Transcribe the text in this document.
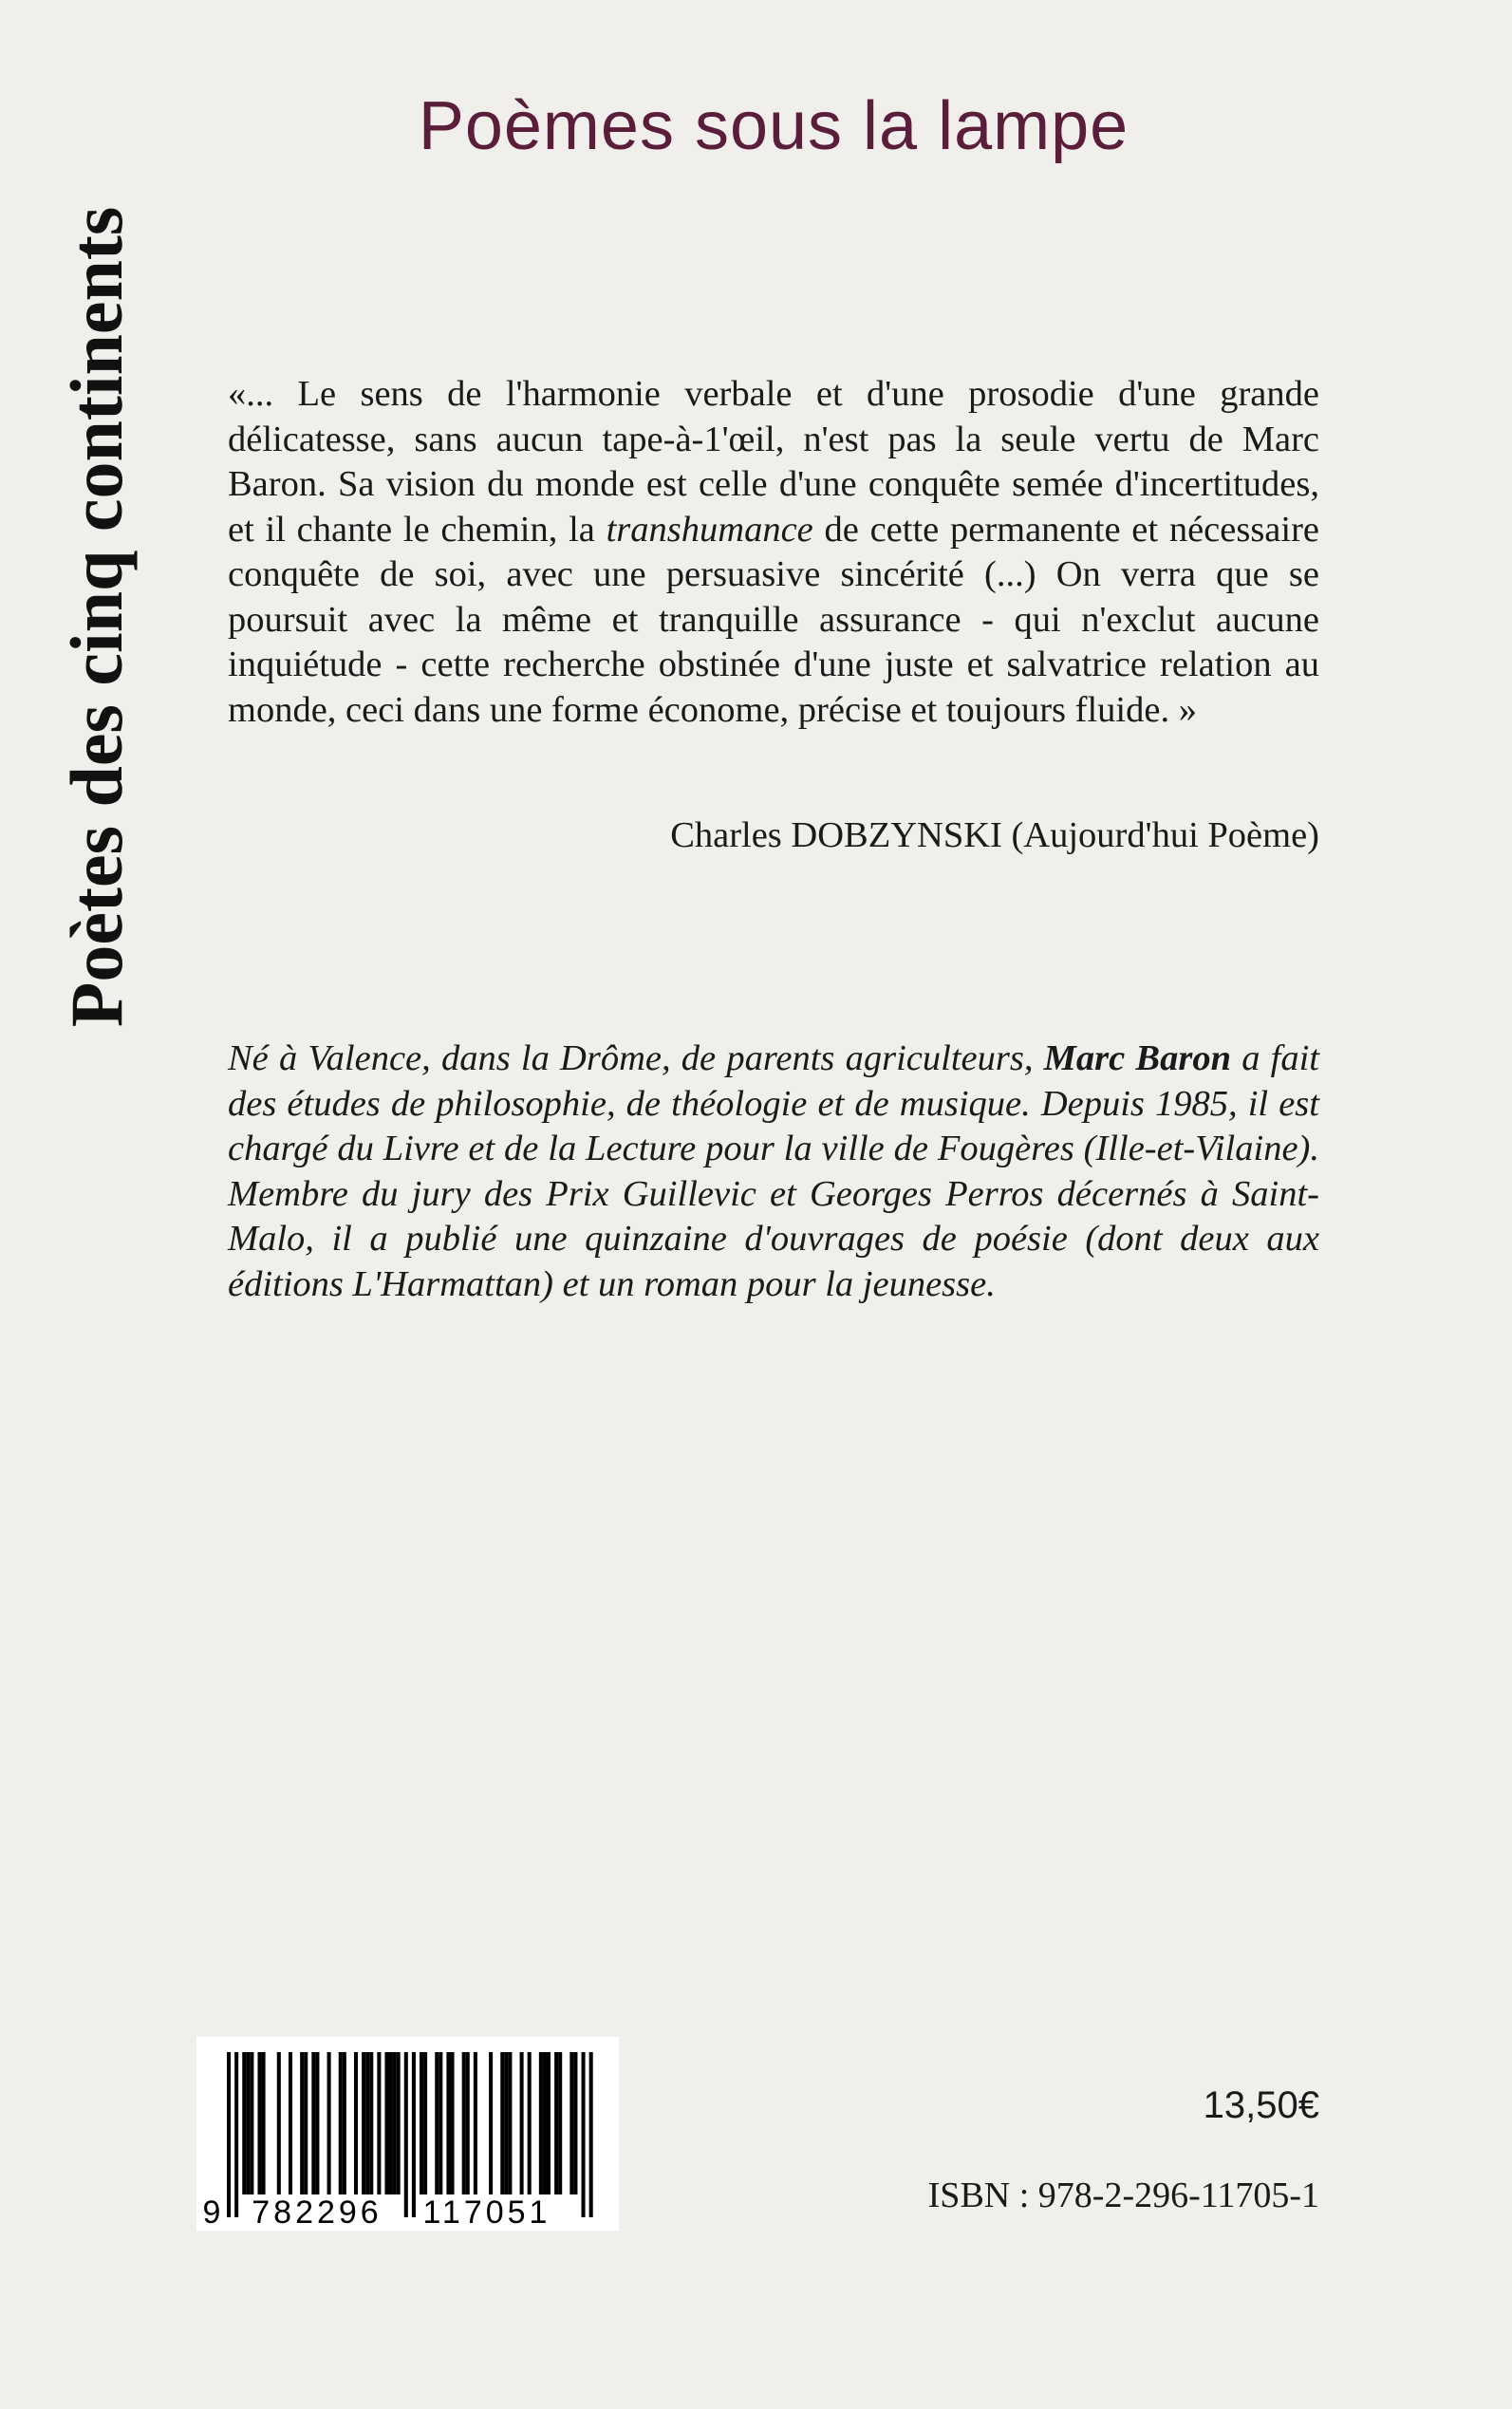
Poètes des cinq continents
Poèmes sous la lampe

«... Le sens de l'harmonie verbale et d'une prosodie d'une grande délicatesse, sans aucun tape-à-1'œil, n'est pas la seule vertu de Marc Baron. Sa vision du monde est celle d'une conquête semée d'incertitudes, et il chante le chemin, la transhumance de cette permanente et nécessaire conquête de soi, avec une persuasive sincérité (...) On verra que se poursuit avec la même et tranquille assurance - qui n'exclut aucune inquiétude - cette recherche obstinée d'une juste et salvatrice relation au monde, ceci dans une forme économe, précise et toujours fluide. »

Charles DOBZYNSKI (Aujourd'hui Poème)

Né à Valence, dans la Drôme, de parents agriculteurs, Marc Baron a fait des études de philosophie, de théologie et de musique. Depuis 1985, il est chargé du Livre et de la Lecture pour la ville de Fougères (Ille-et-Vilaine). Membre du jury des Prix Guillevic et Georges Perros décernés à Saint-Malo, il a publié une quinzaine d'ouvrages de poésie (dont deux aux éditions L'Harmattan) et un roman pour la jeunesse.

9 782296 117051
13,50€
ISBN : 978-2-296-11705-1
